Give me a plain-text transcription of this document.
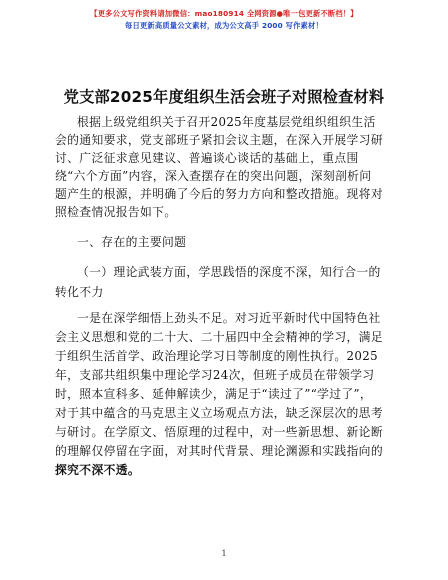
【更多公文写作资料请加微信：mao180914 全网资源●唯一包更新不断档！】
每日更新高质量公文素材，成为公文高手 2000 写作素材！
党支部2025年度组织生活会班子对照检查材料
根据上级党组织关于召开2025年度基层党组织组织生活
会的通知要求，党支部班子紧扣会议主题，在深入开展学习研
讨、广泛征求意见建议、普遍谈心谈话的基础上，重点围
绕“六个方面”内容，深入查摆存在的突出问题，深刻剖析问
题产生的根源，并明确了今后的努力方向和整改措施。现将对
照检查情况报告如下。
一、存在的主要问题
（一）理论武装方面，学思践悟的深度不深，知行合一的
转化不力
一是在深学细悟上劲头不足。对习近平新时代中国特色社
会主义思想和党的二十大、二十届四中全会精神的学习，满足
于组织生活首学、政治理论学习日等制度的刚性执行。2025
年，支部共组织集中理论学习24次，但班子成员在带领学习
时，照本宣科多、延伸解读少，满足于“读过了”“学过了”，
对于其中蕴含的马克思主义立场观点方法，缺乏深层次的思考
与研讨。在学原文、悟原理的过程中，对一些新思想、新论断
的理解仅停留在字面，对其时代背景、理论渊源和实践指向的
探究不深不透。
1
